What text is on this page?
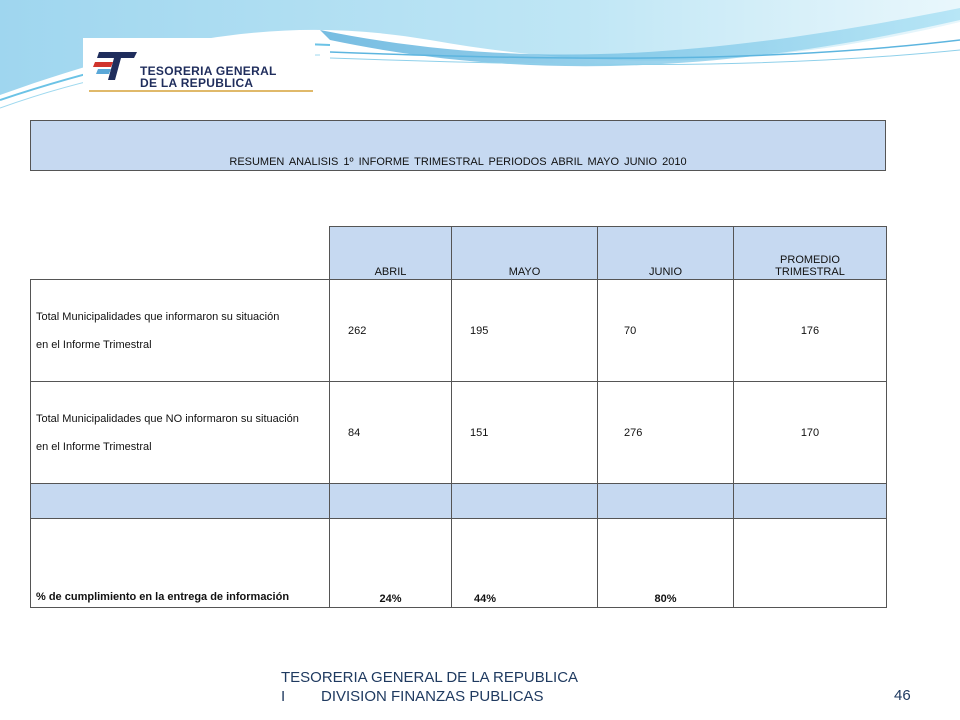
TESORERIA GENERAL
DE LA REPUBLICA
RESUMEN ANALISIS 1º INFORME TRIMESTRAL PERIODOS ABRIL MAYO JUNIO 2010
	ABRIL	MAYO	JUNIO	PROMEDIO TRIMESTRAL
Total Municipalidades que informaron su situación
en el Informe Trimestral	262	195	70	176
Total Municipalidades que NO informaron su situación
en el Informe Trimestral	84	151	276	170

% de cumplimiento en la entrega de información	24%	44%	80%	
TESORERIA GENERAL DE LA REPUBLICA
I	DIVISION FINANZAS PUBLICAS	46
